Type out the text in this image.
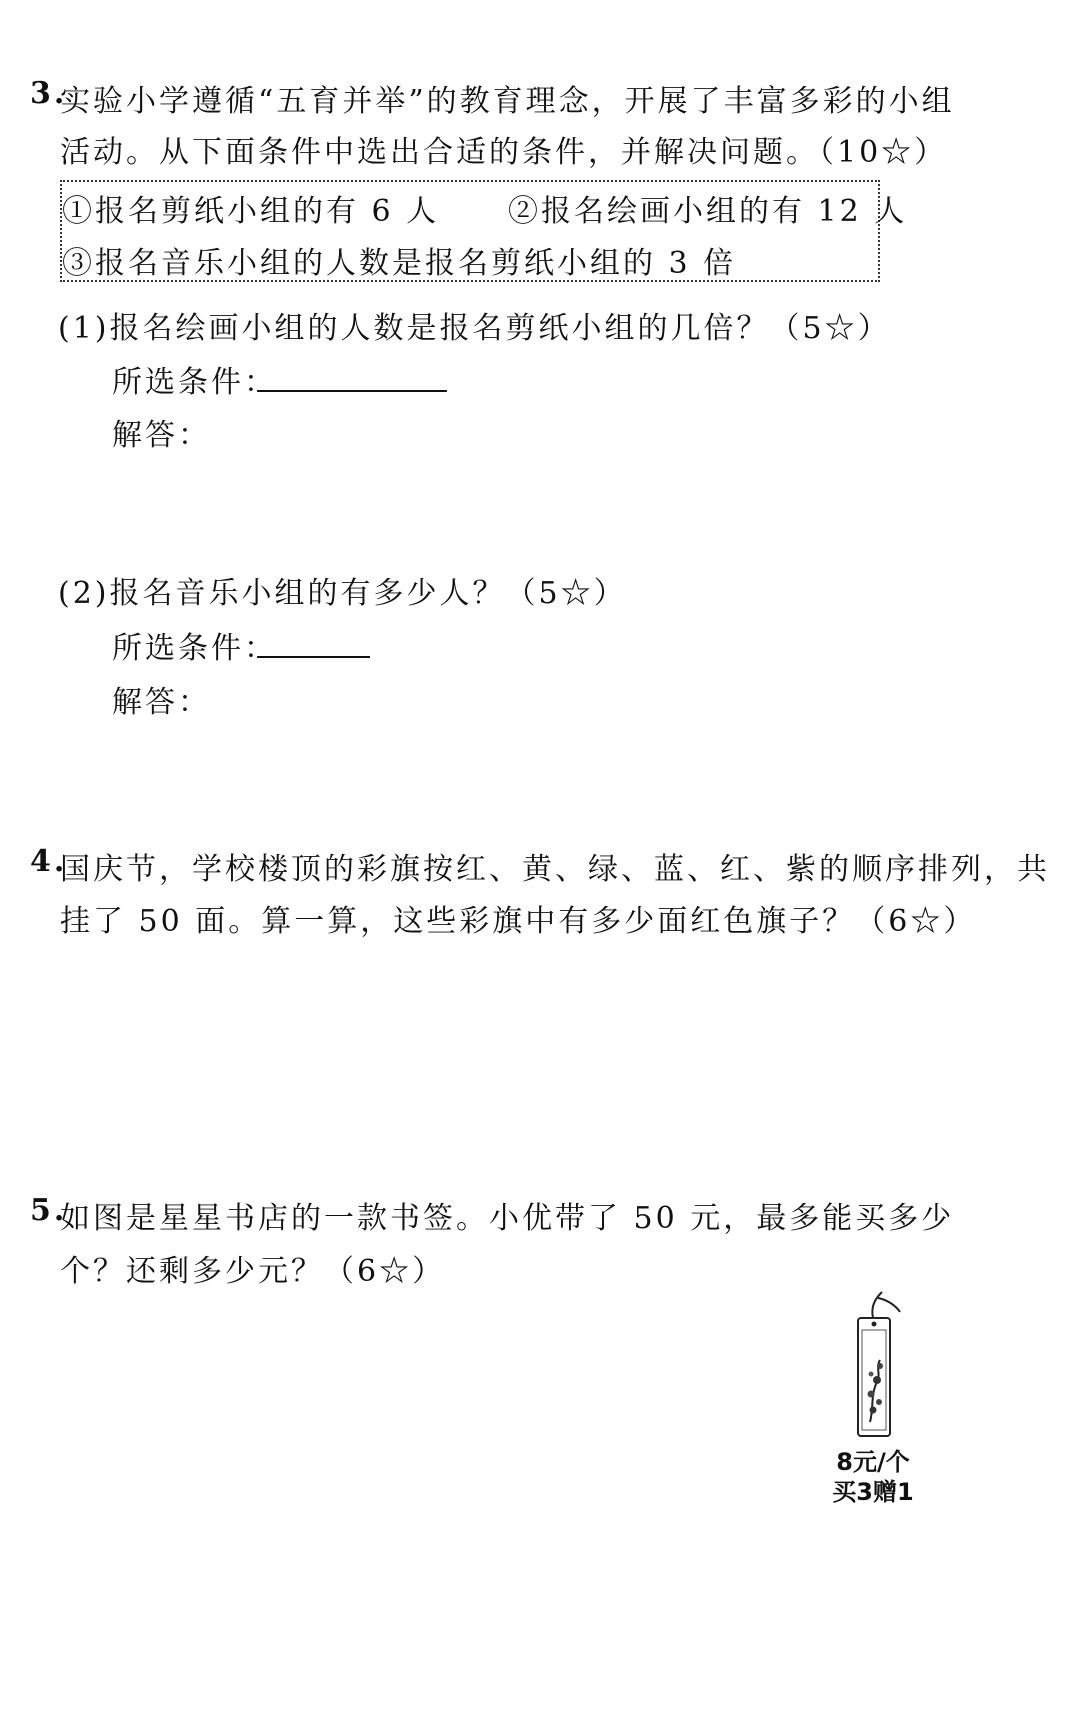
3.
实验小学遵循“五育并举”的教育理念，开展了丰富多彩的小组
活动。从下面条件中选出合适的条件，并解决问题。（10☆）
①报名剪纸小组的有 6 人 ②报名绘画小组的有 12 人
③报名音乐小组的人数是报名剪纸小组的 3 倍
(1)报名绘画小组的人数是报名剪纸小组的几倍？（5☆）
所选条件：
解答：
(2)报名音乐小组的有多少人？（5☆）
所选条件：
解答：
4.
国庆节，学校楼顶的彩旗按红、黄、绿、蓝、红、紫的顺序排列，共
挂了 50 面。算一算，这些彩旗中有多少面红色旗子？（6☆）
5.
如图是星星书店的一款书签。小优带了 50 元，最多能买多少
个？还剩多少元？（6☆）
8元/个
买3赠1
